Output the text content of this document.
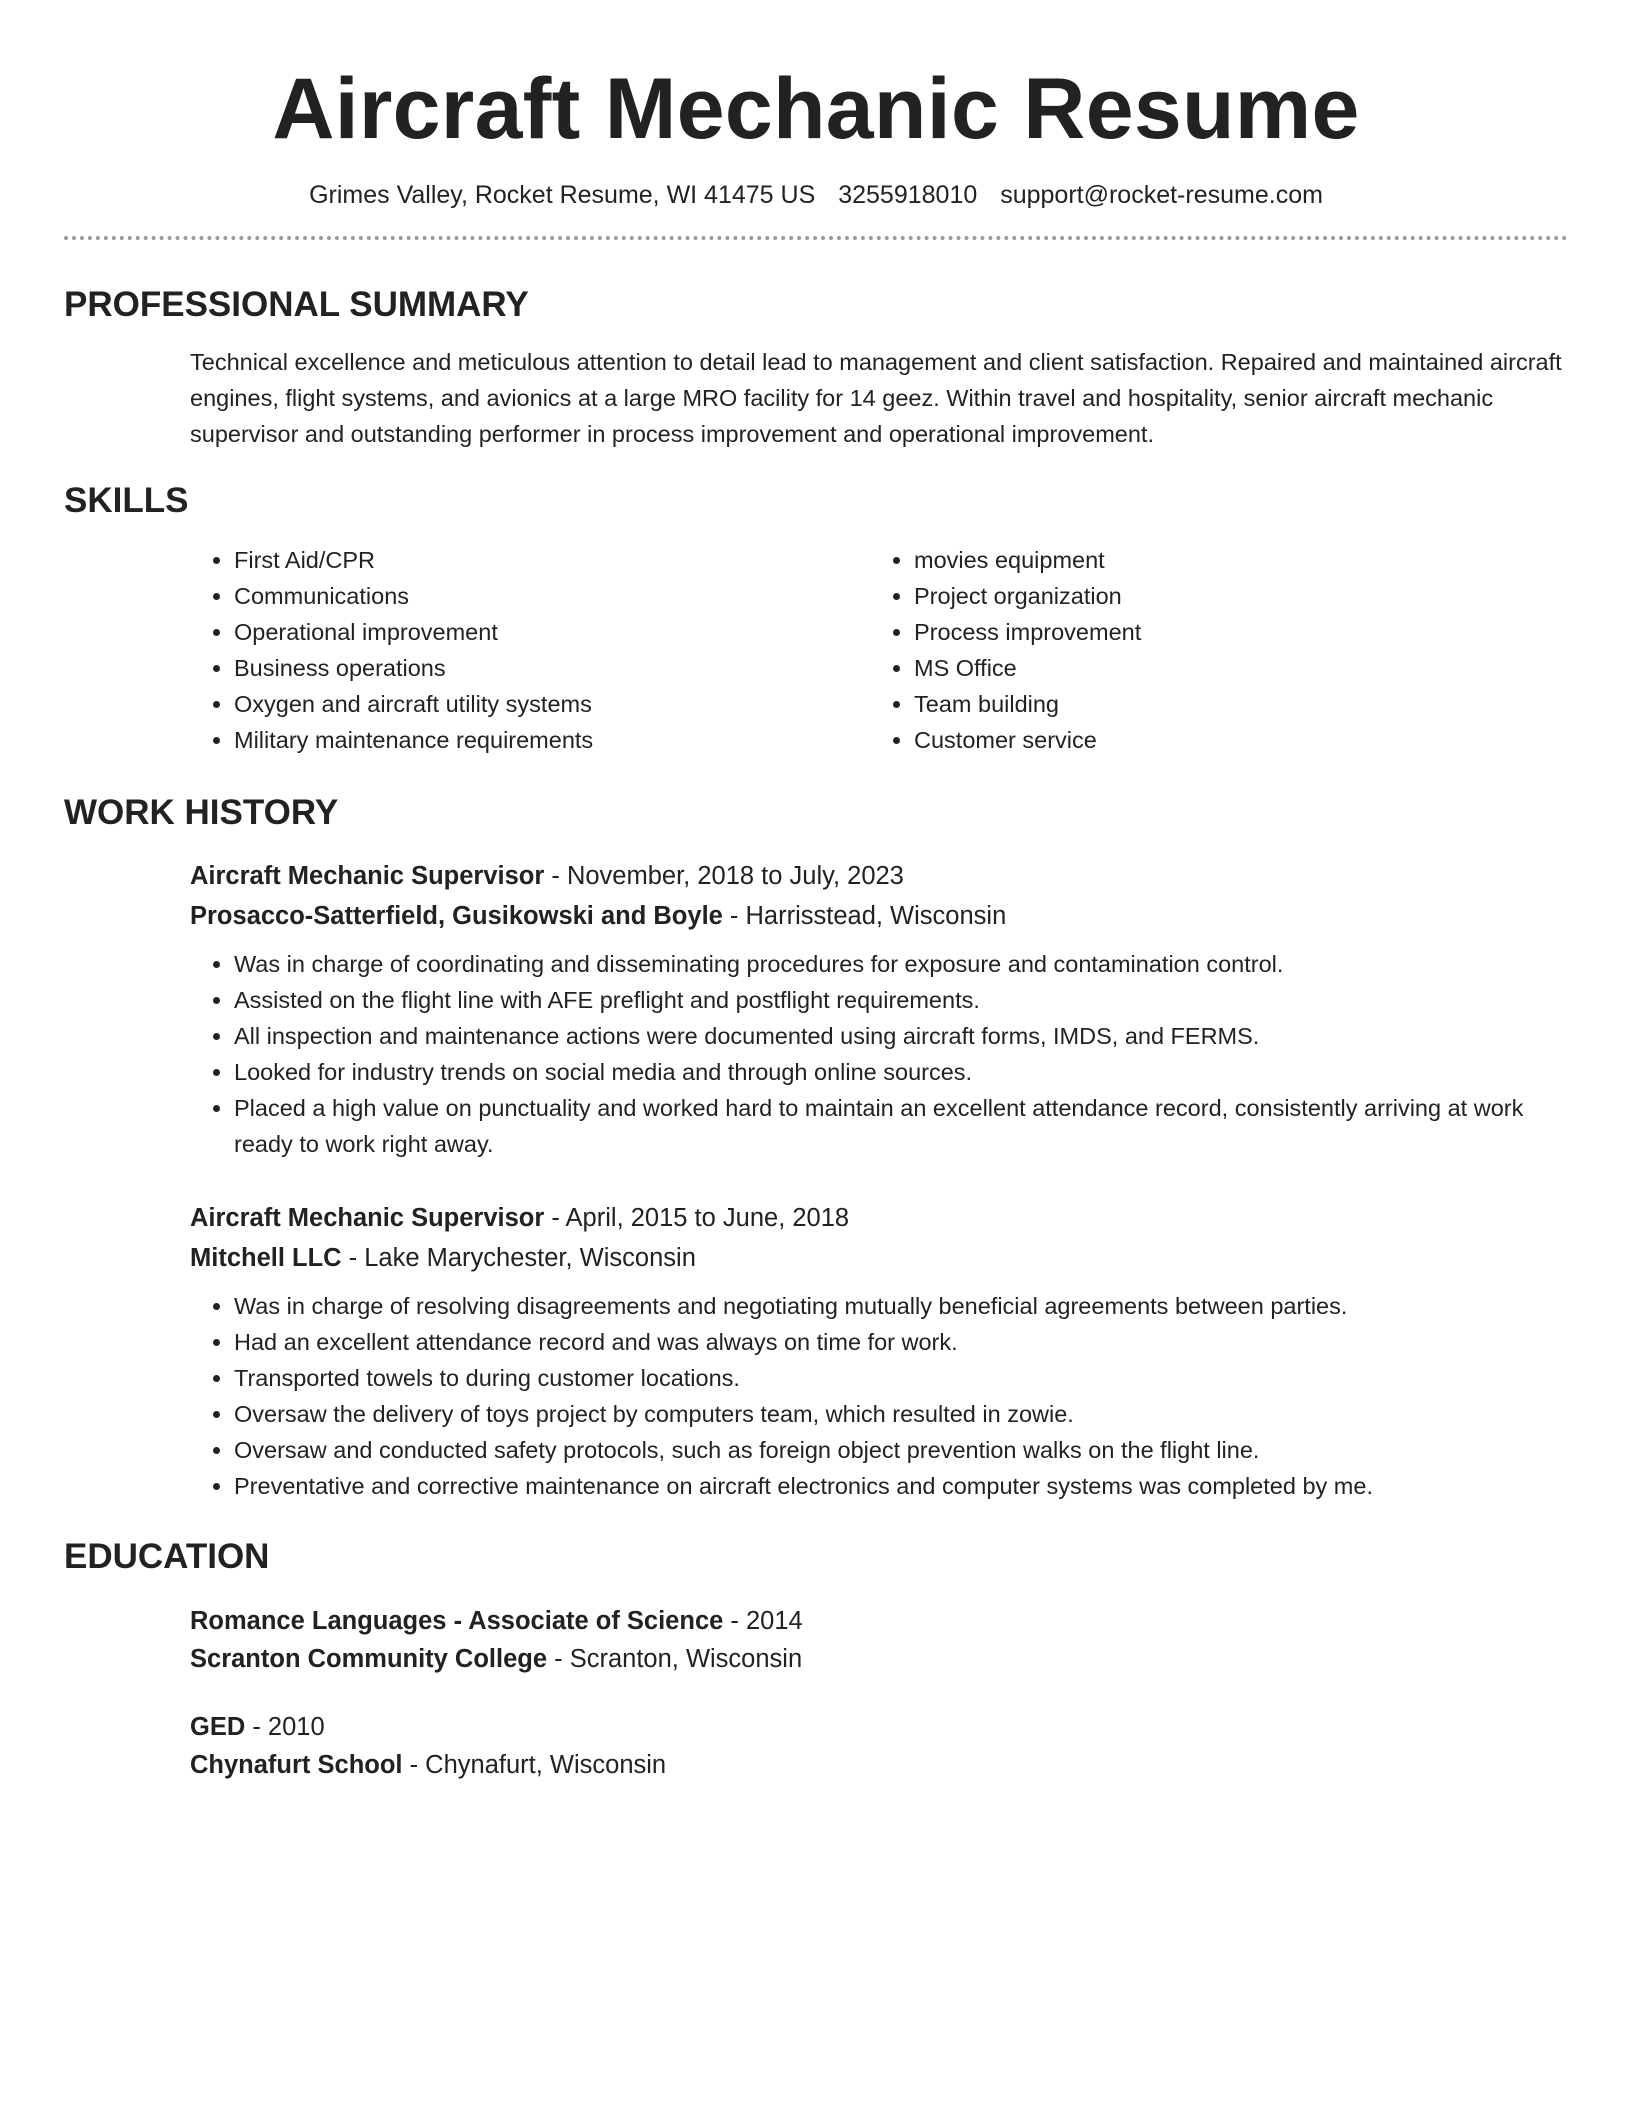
Aircraft Mechanic Resume
Grimes Valley, Rocket Resume, WI 41475 US 3255918010 support@rocket-resume.com
PROFESSIONAL SUMMARY

Technical excellence and meticulous attention to detail lead to management and client satisfaction. Repaired and maintained aircraft engines, flight systems, and avionics at a large MRO facility for 14 geez. Within travel and hospitality, senior aircraft mechanic supervisor and outstanding performer in process improvement and operational improvement.

SKILLS
• First Aid/CPR
• Communications
• Operational improvement
• Business operations
• Oxygen and aircraft utility systems
• Military maintenance requirements
• movies equipment
• Project organization
• Process improvement
• MS Office
• Team building
• Customer service
WORK HISTORY
Aircraft Mechanic Supervisor - November, 2018 to July, 2023
Prosacco-Satterfield, Gusikowski and Boyle - Harrisstead, Wisconsin
• Was in charge of coordinating and disseminating procedures for exposure and contamination control.
• Assisted on the flight line with AFE preflight and postflight requirements.
• All inspection and maintenance actions were documented using aircraft forms, IMDS, and FERMS.
• Looked for industry trends on social media and through online sources.
• Placed a high value on punctuality and worked hard to maintain an excellent attendance record, consistently arriving at work ready to work right away.
Aircraft Mechanic Supervisor - April, 2015 to June, 2018
Mitchell LLC - Lake Marychester, Wisconsin
• Was in charge of resolving disagreements and negotiating mutually beneficial agreements between parties.
• Had an excellent attendance record and was always on time for work.
• Transported towels to during customer locations.
• Oversaw the delivery of toys project by computers team, which resulted in zowie.
• Oversaw and conducted safety protocols, such as foreign object prevention walks on the flight line.
• Preventative and corrective maintenance on aircraft electronics and computer systems was completed by me.
EDUCATION
Romance Languages - Associate of Science - 2014
Scranton Community College - Scranton, Wisconsin
GED - 2010
Chynafurt School - Chynafurt, Wisconsin
